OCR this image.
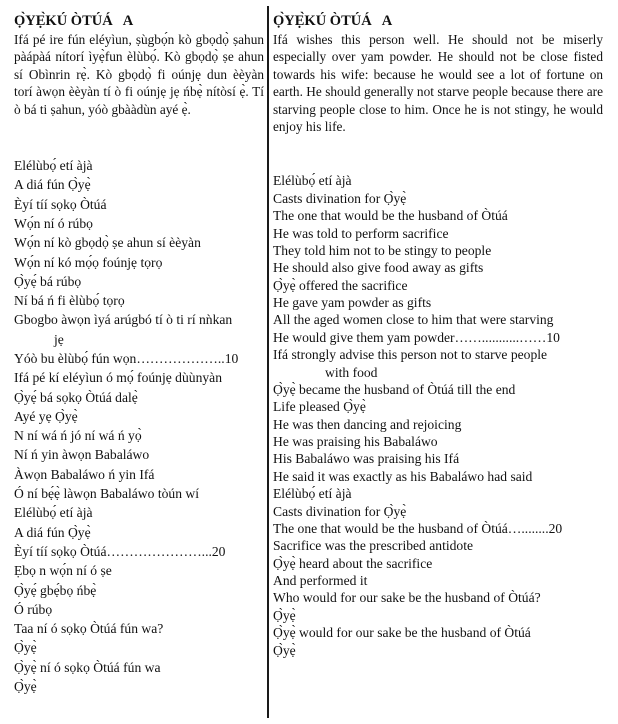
Ọ̀YẸ̀KÚ ÒTÚÁ   A

Ifá pé ire fún eléyìun, ṣùgbọ́n kò gbọdọ̀ ṣahun pàápàá nítorí ìyẹ̀fun èlùbọ́. Kò gbọdọ̀ ṣe ahun sí Obìnrin rẹ̀. Kò gbọdọ̀ fi oúnjẹ dun èèyàn torí àwọn èèyàn tí ò fi oúnjẹ jẹ ńbẹ̀ nítòsí ẹ̀. Tí ò bá ti ṣahun, yóò gbààdùn ayé ẹ̀.

Elélùbọ́ etí àjà
A diá fún Ọ̀yẹ̀
Èyí tíí sọkọ Òtúá
Wọ́n ní ó rúbọ
Wọ́n ní kò gbọdọ̀ ṣe ahun sí èèyàn
Wọ́n ní kó mọ́ọ foúnjẹ tọrọ
Ọ̀yẹ́ bá rúbọ
Ní bá ń fi èlùbọ́ tọrọ
Gbogbo àwọn ìyá arúgbó tí ò ti rí nǹkan
jẹ
Yóò bu èlùbọ́ fún wọn………………..10
Ifá pé kí eléyìun ó mọ́ foúnjẹ dùùnyàn
Ọ̀yẹ́ bá sọkọ Òtúá dalẹ̀
Ayé yẹ Ọ̀yẹ̀
N ní wá ń jó ní wá ń yọ̀
Ní ń yin àwọn Babaláwo
Àwọn Babaláwo ń yin Ifá
Ó ní bẹ́ẹ̀ làwọn Babaláwo tòún wí
Elélùbọ́ etí àjà
A diá fún Ọ̀yẹ̀
Èyí tíí sọkọ Òtúá…………………...20
Ẹbọ n wọ́n ní ó ṣe
Ọ̀yẹ́ gbẹ́bọ ńbẹ̀
Ó rúbọ
Taa ní ó sọkọ Òtúá fún wa?
Ọ̀yẹ̀
Ọ̀yẹ̀ ní ó sọkọ Òtúá fún wa
Ọ̀yẹ̀
Ọ̀YẸ̀KÚ ÒTÚÁ   A

Ifá wishes this person well. He should not be miserly especially over yam powder. He should not be close fisted towards his wife: because he would see a lot of fortune on earth. He should generally not starve people because there are starving people close to him. Once he is not stingy, he would enjoy his life.

Elélùbọ́ etí àjà
Casts divination for Ọ̀yẹ̀
The one that would be the husband of Òtúá
He was told to perform sacrifice
They told him not to be stingy to people
He should also give food away as gifts
Ọ̀yẹ̀ offered the sacrifice
He gave yam powder as gifts
All the aged women close to him that were starving
He would give them yam powder……...........……10
Ifá strongly advise this person not to starve people
with food
Ọ̀yẹ̀ became the husband of Òtúá till the end
Life pleased Ọ̀yẹ̀
He was then dancing and rejoicing
He was praising his Babaláwo
His Babaláwo was praising his Ifá
He said it was exactly as his Babaláwo had said
Elélùbọ́ etí àjà
Casts divination for Ọ̀yẹ̀
The one that would be the husband of Òtúá…........20
Sacrifice was the prescribed antidote
Ọ̀yẹ̀ heard about the sacrifice
And performed it
Who would for our sake be the husband of Òtúá?
Ọ̀yẹ̀
Ọ̀yẹ̀ would for our sake be the husband of Òtúá
Ọ̀yẹ̀
